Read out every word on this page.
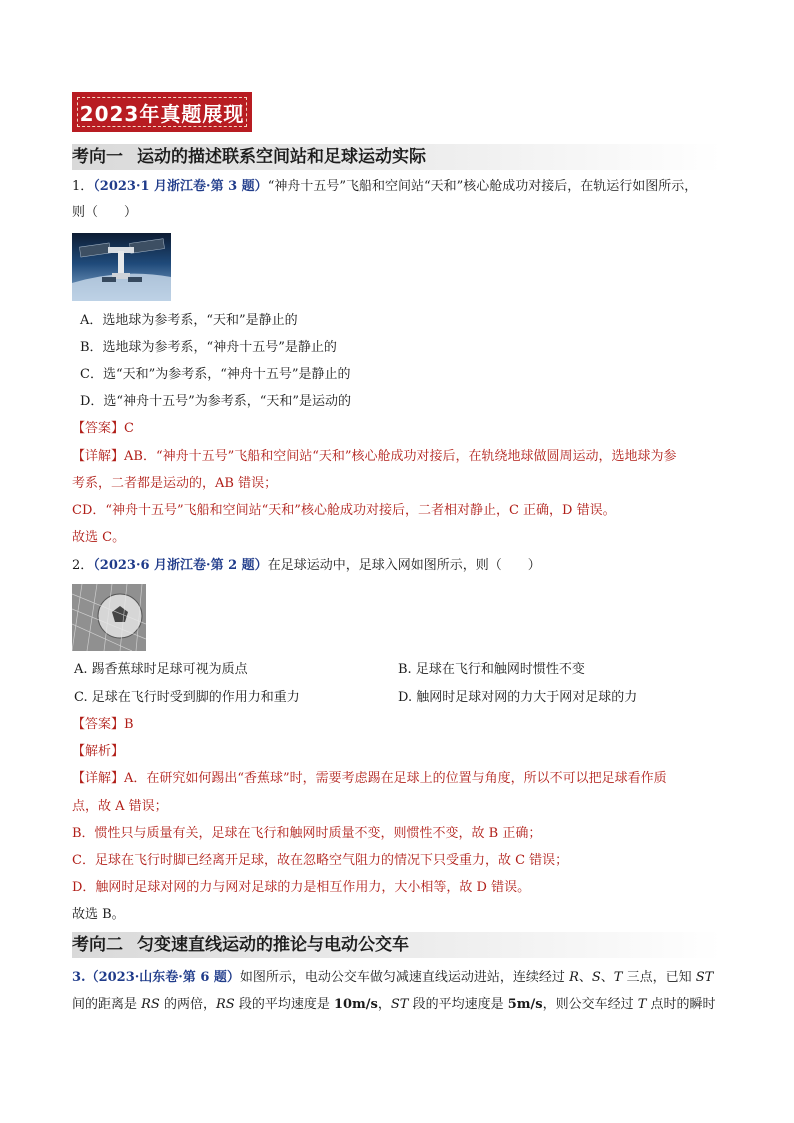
2023年真题展现
考向一 运动的描述联系空间站和足球运动实际
1．（2023·1 月浙江卷·第 3 题）“神舟十五号”飞船和空间站“天和”核心舱成功对接后，在轨运行如图所示，
则（　　）
A．选地球为参考系，“天和”是静止的
B．选地球为参考系，“神舟十五号”是静止的
C．选“天和”为参考系，“神舟十五号”是静止的
D．选“神舟十五号”为参考系，“天和”是运动的
【答案】C
【详解】AB．“神舟十五号”飞船和空间站“天和”核心舱成功对接后，在轨绕地球做圆周运动，选地球为参
考系，二者都是运动的，AB 错误；
CD．“神舟十五号”飞船和空间站“天和”核心舱成功对接后，二者相对静止，C 正确，D 错误。
故选 C。
2．（2023·6 月浙江卷·第 2 题）在足球运动中，足球入网如图所示，则（　　）
A. 踢香蕉球时足球可视为质点	B. 足球在飞行和触网时惯性不变
C. 足球在飞行时受到脚的作用力和重力	D. 触网时足球对网的力大于网对足球的力
【答案】B
【解析】
【详解】A．在研究如何踢出“香蕉球”时，需要考虑踢在足球上的位置与角度，所以不可以把足球看作质
点，故 A 错误；
B．惯性只与质量有关，足球在飞行和触网时质量不变，则惯性不变，故 B 正确；
C．足球在飞行时脚已经离开足球，故在忽略空气阻力的情况下只受重力，故 C 错误；
D．触网时足球对网的力与网对足球的力是相互作用力，大小相等，故 D 错误。
故选 B。
考向二 匀变速直线运动的推论与电动公交车
3.（2023·山东卷·第 6 题）如图所示，电动公交车做匀减速直线运动进站，连续经过 R、S、T 三点，已知 ST
间的距离是 RS 的两倍，RS 段的平均速度是 10m/s，ST 段的平均速度是 5m/s，则公交车经过 T 点时的瞬时
